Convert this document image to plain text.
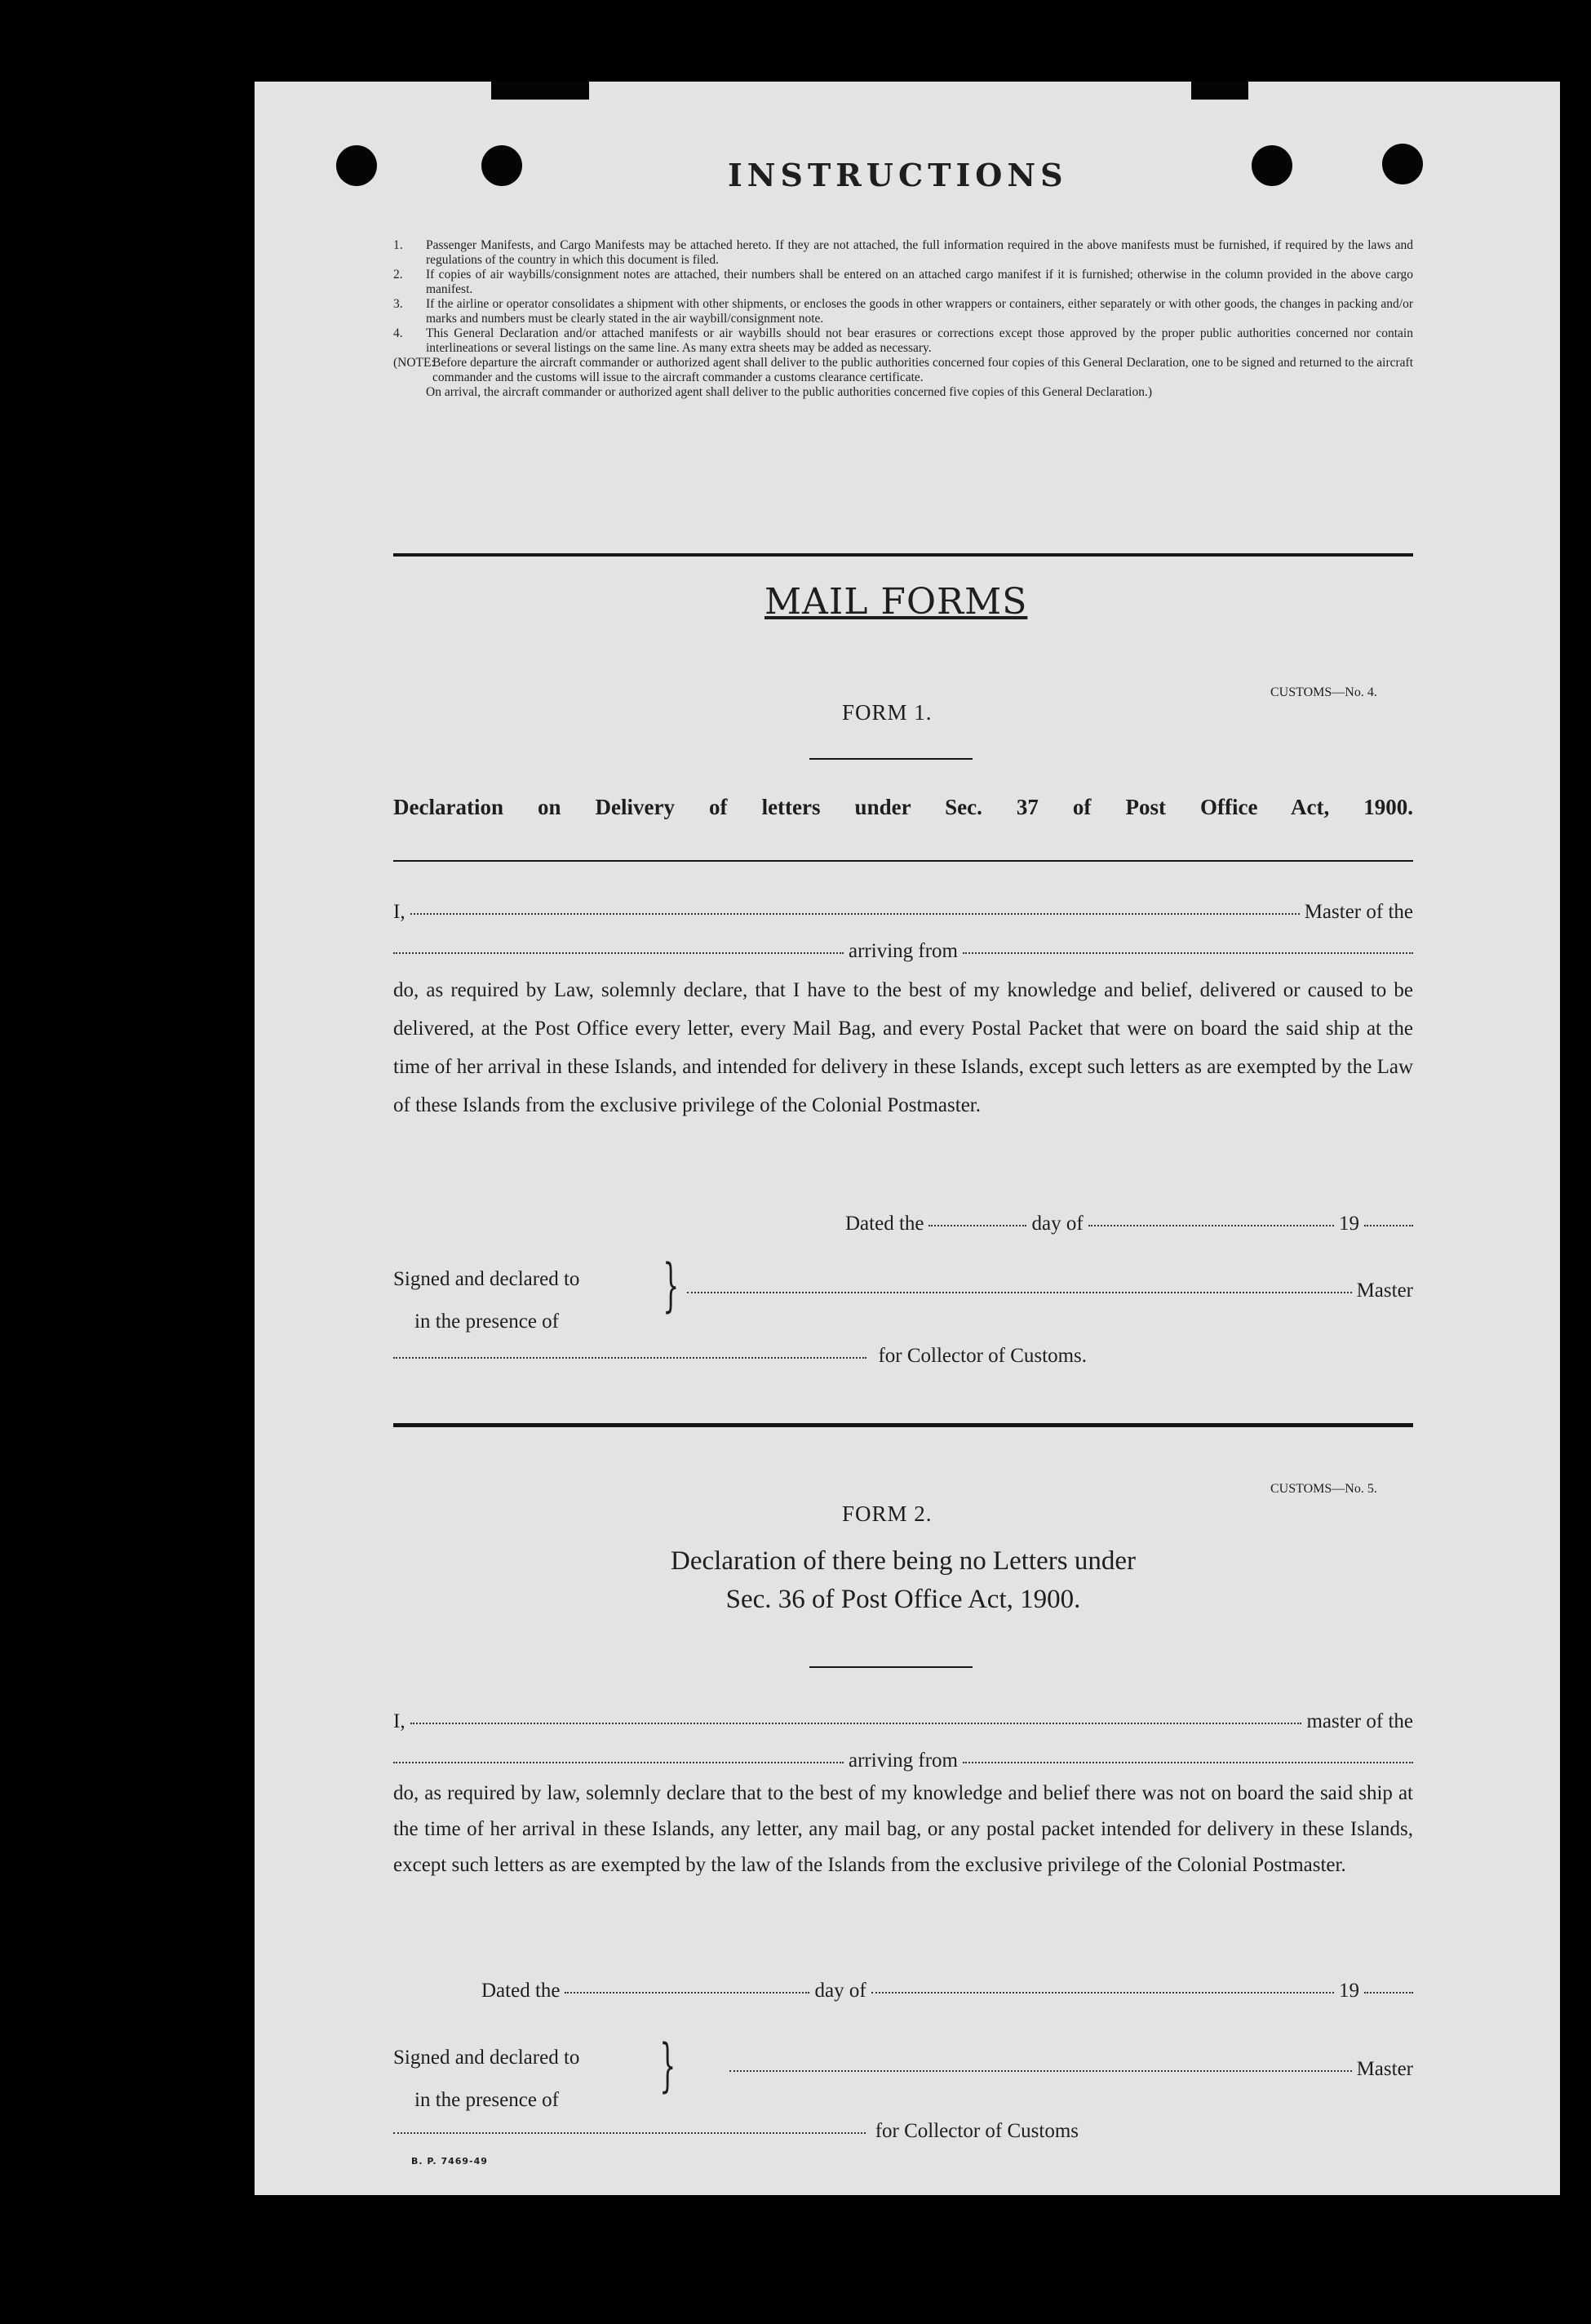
INSTRUCTIONS
1.	Passenger Manifests, and Cargo Manifests may be attached hereto. If they are not attached, the full information required in the above manifests must be furnished, if required by the laws and regulations of the country in which this document is filed.
2.	If copies of air waybills/consignment notes are attached, their numbers shall be entered on an attached cargo manifest if it is furnished; otherwise in the column provided in the above cargo manifest.
3.	If the airline or operator consolidates a shipment with other shipments, or encloses the goods in other wrappers or containers, either separately or with other goods, the changes in packing and/or marks and numbers must be clearly stated in the air waybill/consignment note.
4.	This General Declaration and/or attached manifests or air waybills should not bear erasures or corrections except those approved by the proper public authorities concerned nor contain interlineations or several listings on the same line. As many extra sheets may be added as necessary.
(NOTE:
Before departure the aircraft commander or authorized agent shall deliver to the public authorities concerned four copies of this General Declaration, one to be signed and returned to the aircraft commander and the customs will issue to the aircraft commander a customs clearance certificate.
On arrival, the aircraft commander or authorized agent shall deliver to the public authorities concerned five copies of this General Declaration.)
MAIL FORMS
CUSTOMS—No. 4.
FORM 1.
Declaration on Delivery of letters under Sec. 37 of Post Office Act, 1900.
I,	Master of the
arriving from
do, as required by Law, solemnly declare, that I have to the best of my knowledge and belief, delivered or caused to be delivered, at the Post Office every letter, every Mail Bag, and every Postal Packet that were on board the said ship at the time of her arrival in these Islands, and intended for delivery in these Islands, except such letters as are exempted by the Law of these Islands from the exclusive privilege of the Colonial Postmaster.
Dated the	day of	19
Signed and declared to
in the presence of
}	Master
for Collector of Customs.
CUSTOMS—No. 5.
FORM 2.
Declaration of there being no Letters under
Sec. 36 of Post Office Act, 1900.
I,	master of the
arriving from
do, as required by law, solemnly declare that to the best of my knowledge and belief there was not on board the said ship at the time of her arrival in these Islands, any letter, any mail bag, or any postal packet intended for delivery in these Islands, except such letters as are exempted by the law of the Islands from the exclusive privilege of the Colonial Postmaster.
Dated the	day of	19
Signed and declared to
in the presence of
}	Master
for Collector of Customs
B. P. 7469-49
